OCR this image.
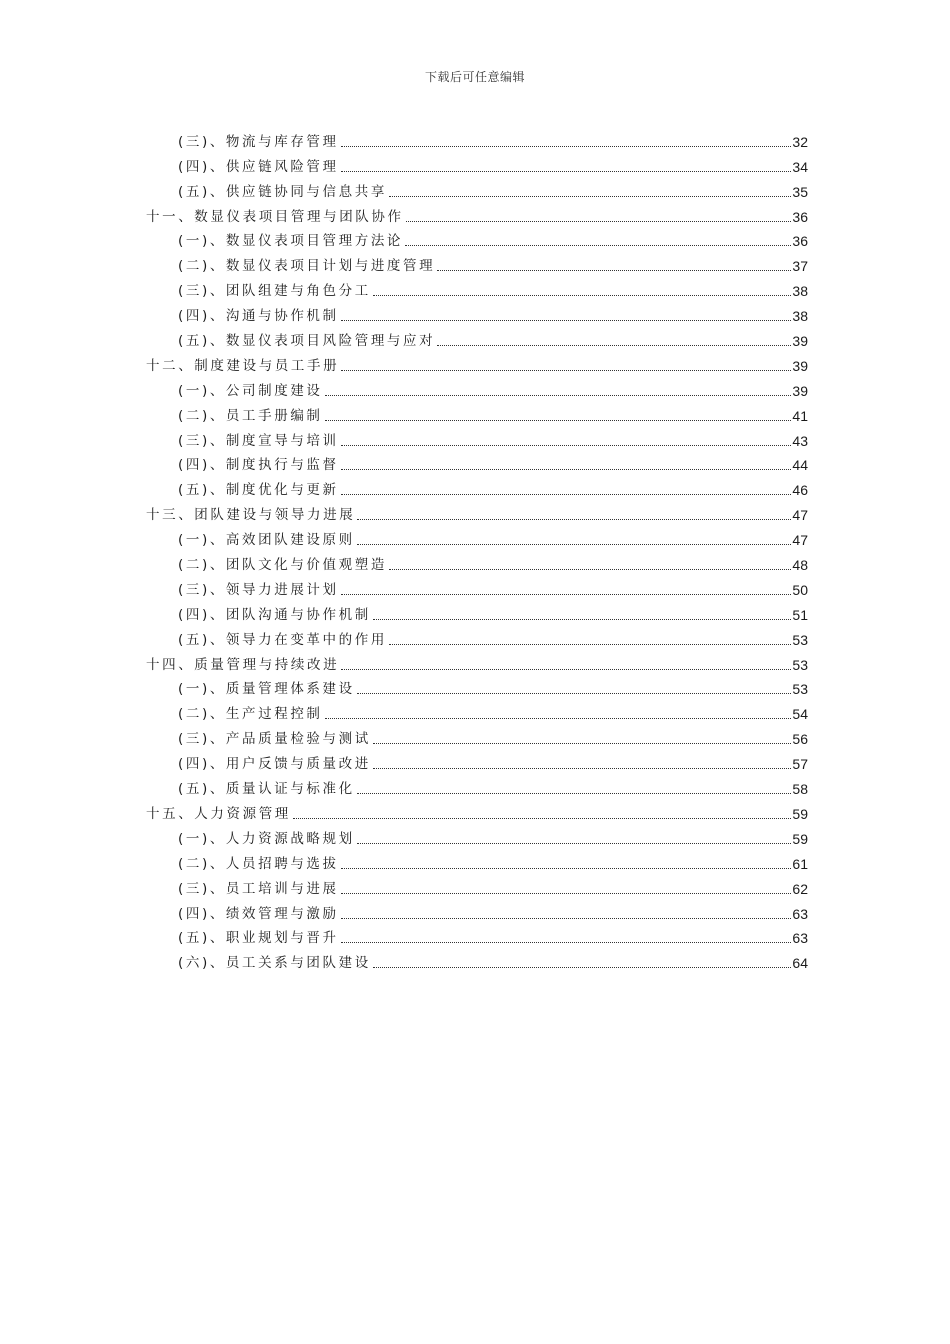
下载后可任意编辑
(三)、物流与库存管理	32
(四)、供应链风险管理	34
(五)、供应链协同与信息共享	35
十一、数显仪表项目管理与团队协作	36
(一)、数显仪表项目管理方法论	36
(二)、数显仪表项目计划与进度管理	37
(三)、团队组建与角色分工	38
(四)、沟通与协作机制	38
(五)、数显仪表项目风险管理与应对	39
十二、制度建设与员工手册	39
(一)、公司制度建设	39
(二)、员工手册编制	41
(三)、制度宣导与培训	43
(四)、制度执行与监督	44
(五)、制度优化与更新	46
十三、团队建设与领导力进展	47
(一)、高效团队建设原则	47
(二)、团队文化与价值观塑造	48
(三)、领导力进展计划	50
(四)、团队沟通与协作机制	51
(五)、领导力在变革中的作用	53
十四、质量管理与持续改进	53
(一)、质量管理体系建设	53
(二)、生产过程控制	54
(三)、产品质量检验与测试	56
(四)、用户反馈与质量改进	57
(五)、质量认证与标准化	58
十五、人力资源管理	59
(一)、人力资源战略规划	59
(二)、人员招聘与选拔	61
(三)、员工培训与进展	62
(四)、绩效管理与激励	63
(五)、职业规划与晋升	63
(六)、员工关系与团队建设	64
